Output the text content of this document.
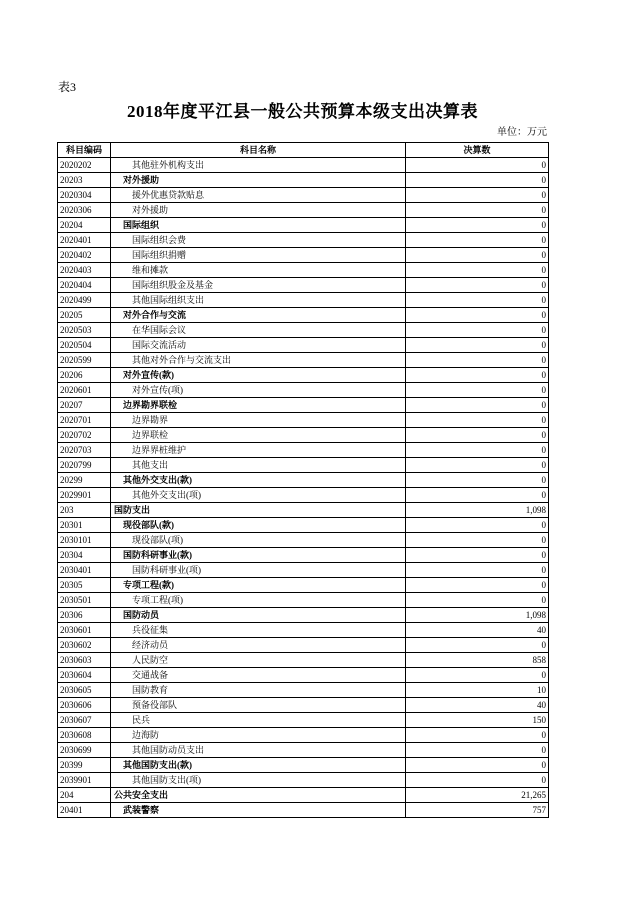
表3
2018年度平江县一般公共预算本级支出决算表
单位：万元
科目编码	科目名称	决算数
2020202	其他驻外机构支出	0
20203	对外援助	0
2020304	援外优惠贷款贴息	0
2020306	对外援助	0
20204	国际组织	0
2020401	国际组织会费	0
2020402	国际组织捐赠	0
2020403	维和摊款	0
2020404	国际组织股金及基金	0
2020499	其他国际组织支出	0
20205	对外合作与交流	0
2020503	在华国际会议	0
2020504	国际交流活动	0
2020599	其他对外合作与交流支出	0
20206	对外宣传(款)	0
2020601	对外宣传(项)	0
20207	边界勘界联检	0
2020701	边界勘界	0
2020702	边界联检	0
2020703	边界界桩维护	0
2020799	其他支出	0
20299	其他外交支出(款)	0
2029901	其他外交支出(项)	0
203	国防支出	1,098
20301	现役部队(款)	0
2030101	现役部队(项)	0
20304	国防科研事业(款)	0
2030401	国防科研事业(项)	0
20305	专项工程(款)	0
2030501	专项工程(项)	0
20306	国防动员	1,098
2030601	兵役征集	40
2030602	经济动员	0
2030603	人民防空	858
2030604	交通战备	0
2030605	国防教育	10
2030606	预备役部队	40
2030607	民兵	150
2030608	边海防	0
2030699	其他国防动员支出	0
20399	其他国防支出(款)	0
2039901	其他国防支出(项)	0
204	公共安全支出	21,265
20401	武装警察	757
